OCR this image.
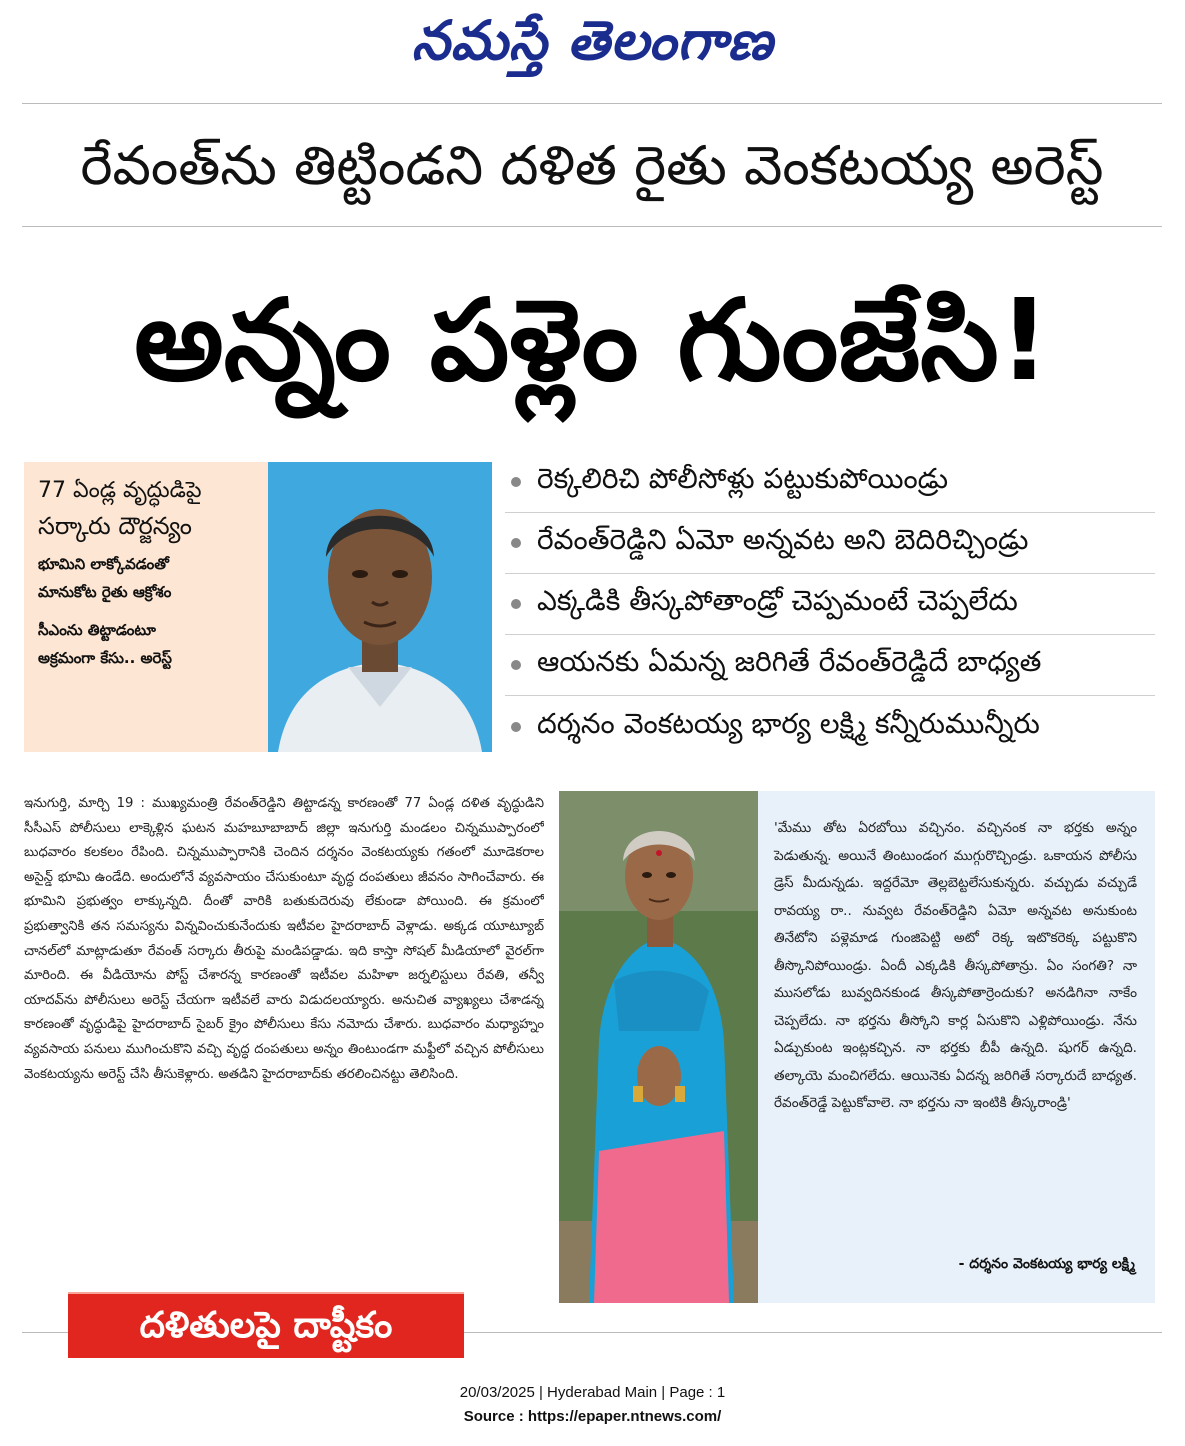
నమస్తే తెలంగాణ
రేవంత్‌ను తిట్టిండని దళిత రైతు వెంకటయ్య అరెస్ట్
అన్నం పళ్లెం గుంజేసి!
77 ఏండ్ల వృద్ధుడిపై
సర్కారు దౌర్జన్యం
భూమిని లాక్కోవడంతో
మానుకోట రైతు ఆక్రోశం
సీఎంను తిట్టాడంటూ
అక్రమంగా కేసు.. అరెస్ట్
రెక్కలిరిచి పోలీసోళ్లు పట్టుకుపోయిండ్రు
రేవంత్‌రెడ్డిని ఏమో అన్నవట అని బెదిరిచ్చిండ్రు
ఎక్కడికి తీస్కపోతాండ్రో చెప్పమంటే చెప్పలేదు
ఆయనకు ఏమన్న జరిగితే రేవంత్‌రెడ్డిదే బాధ్యత
దర్శనం వెంకటయ్య భార్య లక్ష్మి కన్నీరుమున్నీరు
ఇనుగుర్తి, మార్చి 19 : ముఖ్యమంత్రి రేవంత్‌రెడ్డిని తిట్టాడన్న కారణంతో 77 ఏండ్ల దళిత వృద్ధుడిని సీసీఎస్ పోలీసులు లాక్కెళ్లిన ఘటన మహబూబాబాద్ జిల్లా ఇనుగుర్తి మండలం చిన్నముప్పారంలో బుధవారం కలకలం రేపింది. చిన్నముప్పారానికి చెందిన దర్శనం వెంకటయ్యకు గతంలో మూడెకరాల అసైన్డ్ భూమి ఉండేది. అందులోనే వ్యవసాయం చేసుకుంటూ వృద్ధ దంపతులు జీవనం సాగించేవారు. ఈ భూమిని ప్రభుత్వం లాక్కున్నది. దీంతో వారికి బతుకుదెరువు లేకుండా పోయింది. ఈ క్రమంలో ప్రభుత్వానికి తన సమస్యను విన్నవించుకునేందుకు ఇటీవల హైదరాబాద్ వెళ్లాడు. అక్కడ యూట్యూబ్ చానల్‌లో మాట్లాడుతూ రేవంత్ సర్కారు తీరుపై మండిపడ్డాడు. ఇది కాస్తా సోషల్ మీడియాలో వైరల్‌గా మారింది. ఈ వీడియోను పోస్ట్ చేశారన్న కారణంతో ఇటీవల మహిళా జర్నలిస్టులు రేవతి, తన్వీ యాదవ్‌ను పోలీసులు అరెస్ట్ చేయగా ఇటీవలే వారు విడుదలయ్యారు. అనుచిత వ్యాఖ్యలు చేశాడన్న కారణంతో వృద్ధుడిపై హైదరాబాద్ సైబర్ క్రైం పోలీసులు కేసు నమోదు చేశారు. బుధవారం మధ్యాహ్నం వ్యవసాయ పనులు ముగించుకొని వచ్చి వృద్ధ దంపతులు అన్నం తింటుండగా మఫ్టీలో వచ్చిన పోలీసులు వెంకటయ్యను అరెస్ట్ చేసి తీసుకెళ్లారు. అతడిని హైదరాబాద్‌కు తరలించినట్టు తెలిసింది.
'మేము తోట ఏరబోయి వచ్చినం. వచ్చినంక నా భర్తకు అన్నం పెడుతున్న. అయినే తింటుండంగ ముగ్గురొచ్చిండ్రు. ఒకాయన పోలీసు డ్రెస్ మీదున్నడు. ఇద్దరేమో తెల్లబెట్టలేసుకున్నరు. వచ్చుడు వచ్చుడే రావయ్య రా.. నువ్వట రేవంత్‌రెడ్డిని ఏమో అన్నవట అనుకుంట తినేటోని పళ్లెమాడ గుంజిపెట్టి అటో రెక్క ఇటొకరెక్క పట్టుకొని తీస్కొనిపోయిండ్రు. ఏందీ ఎక్కడికి తీస్కపోతాన్రు. ఏం సంగతి? నా ముసలోడు బువ్వదినకుండ తీస్కపోతార్రెందుకు? అనడిగినా నాకేం చెప్పలేదు. నా భర్తను తీస్కోని కార్ల ఏసుకొని ఎళ్లిపోయిండ్రు. నేను ఏడ్చుకుంట ఇంట్లకచ్చిన. నా భర్తకు బీపీ ఉన్నది. షుగర్ ఉన్నది. తల్కాయె మంచిగలేదు. ఆయినెకు ఏదన్న జరిగితే సర్కారుదే బాధ్యత. రేవంత్‌రెడ్డే పెట్టుకోవాలె. నా భర్తను నా ఇంటికి తీస్కరాండ్రి'
- దర్శనం వెంకటయ్య భార్య లక్ష్మి
దళితులపై దాష్టీకం
20/03/2025 | Hyderabad Main | Page : 1
Source : https://epaper.ntnews.com/
